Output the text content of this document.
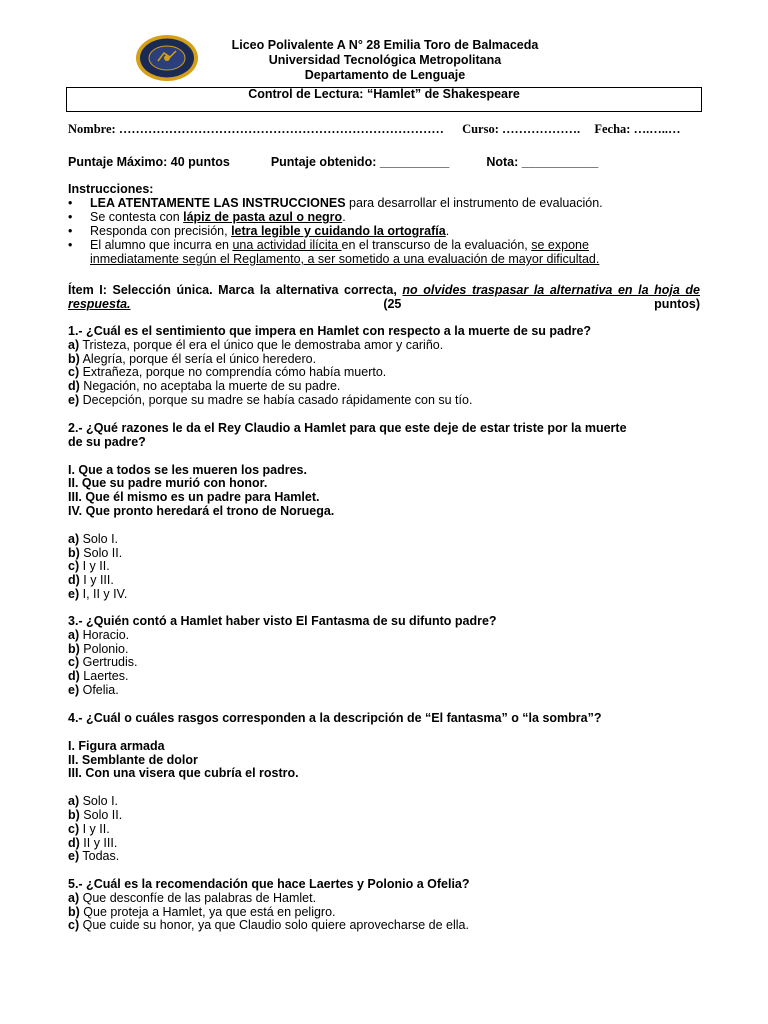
Liceo Polivalente A N° 28 Emilia Toro de Balmaceda
Universidad Tecnológica Metropolitana
Departamento de Lenguaje
Control de Lectura: “Hamlet” de Shakespeare
Nombre: …………………………………………………………………… Curso: ………………. Fecha: ….…..…
Puntaje Máximo: 40 puntos	Puntaje obtenido: __________	Nota: ___________
Instrucciones:
• LEA ATENTAMENTE LAS INSTRUCCIONES para desarrollar el instrumento de evaluación.
• Se contesta con lápiz de pasta azul o negro.
• Responda con precisión, letra legible y cuidando la ortografía.
• El alumno que incurra en una actividad ilícita en el transcurso de la evaluación, se expone
inmediatamente según el Reglamento, a ser sometido a una evaluación de mayor dificultad.
Ítem I: Selección única. Marca la alternativa correcta, no olvides traspasar la alternativa en la hoja de respuesta. (25 puntos)
1.- ¿Cuál es el sentimiento que impera en Hamlet con respecto a la muerte de su padre?
a) Tristeza, porque él era el único que le demostraba amor y cariño.
b) Alegría, porque él sería el único heredero.
c) Extrañeza, porque no comprendía cómo había muerto.
d) Negación, no aceptaba la muerte de su padre.
e) Decepción, porque su madre se había casado rápidamente con su tío.
2.- ¿Qué razones le da el Rey Claudio a Hamlet para que este deje de estar triste por la muerte
de su padre?
I. Que a todos se les mueren los padres.
II. Que su padre murió con honor.
III. Que él mismo es un padre para Hamlet.
IV. Que pronto heredará el trono de Noruega.
a) Solo I.
b) Solo II.
c) I y II.
d) I y III.
e) I, II y IV.
3.- ¿Quién contó a Hamlet haber visto El Fantasma de su difunto padre?
a) Horacio.
b) Polonio.
c) Gertrudis.
d) Laertes.
e) Ofelia.
4.- ¿Cuál o cuáles rasgos corresponden a la descripción de “El fantasma” o “la sombra”?
I. Figura armada
II. Semblante de dolor
III. Con una visera que cubría el rostro.
a) Solo I.
b) Solo II.
c) I y II.
d) II y III.
e) Todas.
5.- ¿Cuál es la recomendación que hace Laertes y Polonio a Ofelia?
a) Que desconfíe de las palabras de Hamlet.
b) Que proteja a Hamlet, ya que está en peligro.
c) Que cuide su honor, ya que Claudio solo quiere aprovecharse de ella.
